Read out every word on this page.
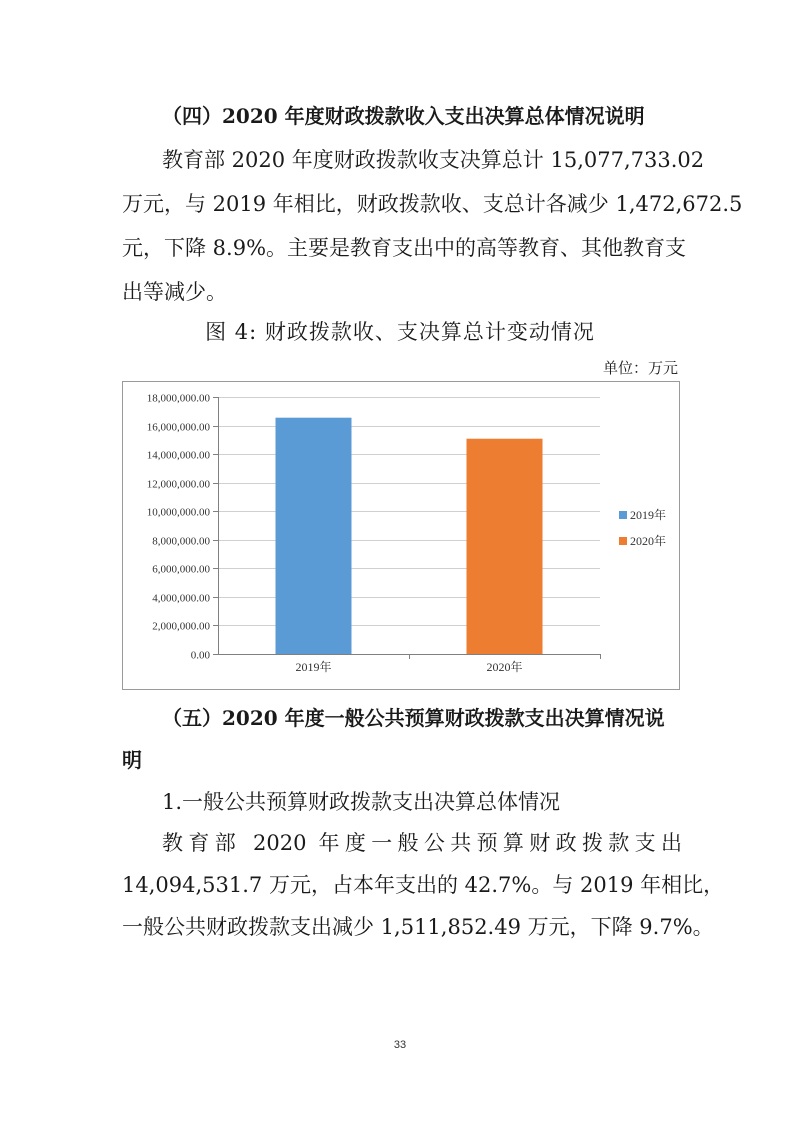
（四）2020 年度财政拨款收入支出决算总体情况说明
教育部 2020 年度财政拨款收支决算总计 15,077,733.02
万元，与 2019 年相比，财政拨款收、支总计各减少 1,472,672.5
元，下降 8.9%。主要是教育支出中的高等教育、其他教育支
出等减少。
图 4: 财政拨款收、支决算总计变动情况
单位：万元
0.00
2,000,000.00
4,000,000.00
6,000,000.00
8,000,000.00
10,000,000.00
12,000,000.00
14,000,000.00
16,000,000.00
18,000,000.00
2019年	2020年
2019年
2020年
（五）2020 年度一般公共预算财政拨款支出决算情况说
明
1.一般公共预算财政拨款支出决算总体情况
教育部 2020 年度一般公共预算财政拨款支出
14,094,531.7 万元，占本年支出的 42.7%。与 2019 年相比，
一般公共财政拨款支出减少 1,511,852.49 万元，下降 9.7%。
33
